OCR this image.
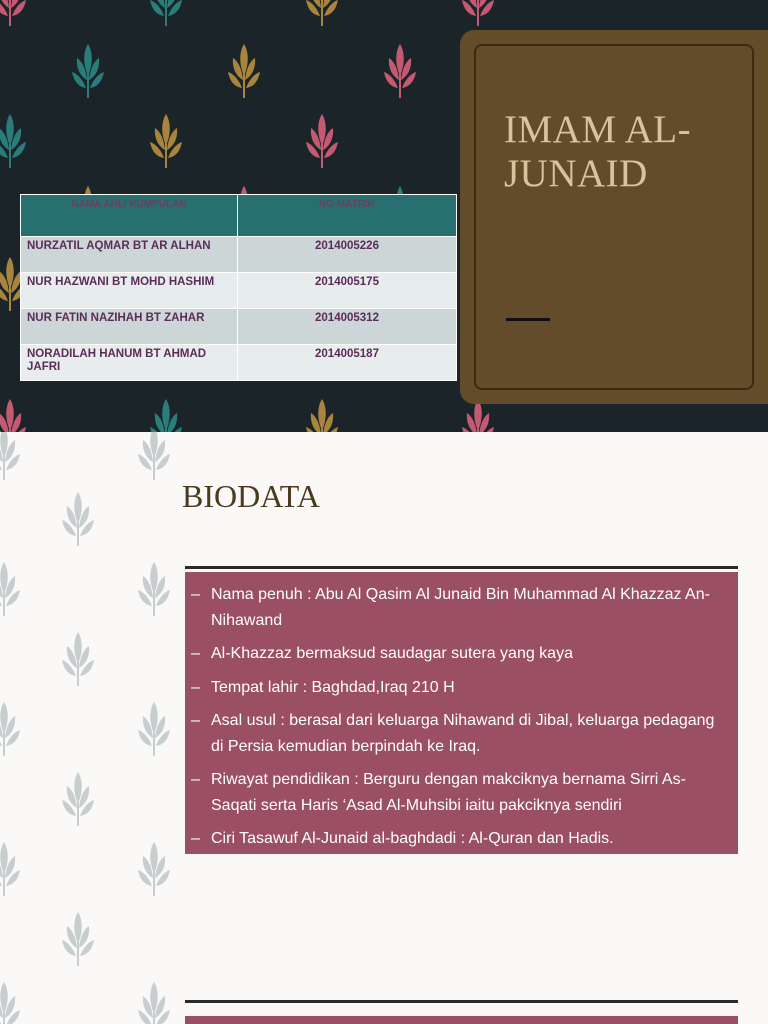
IMAM AL-JUNAID
NAMA AHLI KUMPULAN	NO MATRIK
NURZATIL AQMAR BT AR ALHAN	2014005226
NUR HAZWANI BT MOHD HASHIM	2014005175
NUR FATIN NAZIHAH BT ZAHAR	2014005312
NORADILAH HANUM BT AHMAD JAFRI	2014005187
BIODATA
– Nama penuh : Abu Al Qasim Al Junaid Bin Muhammad Al Khazzaz An-Nihawand
– Al-Khazzaz bermaksud saudagar sutera yang kaya
– Tempat lahir : Baghdad,Iraq 210 H
– Asal usul : berasal dari keluarga Nihawand di Jibal, keluarga pedagang di Persia kemudian berpindah ke Iraq.
– Riwayat pendidikan : Berguru dengan makciknya bernama Sirri As-Saqati serta Haris ‘Asad Al-Muhsibi iaitu pakciknya sendiri
– Ciri Tasawuf Al-Junaid al-baghdadi : Al-Quran dan Hadis.
